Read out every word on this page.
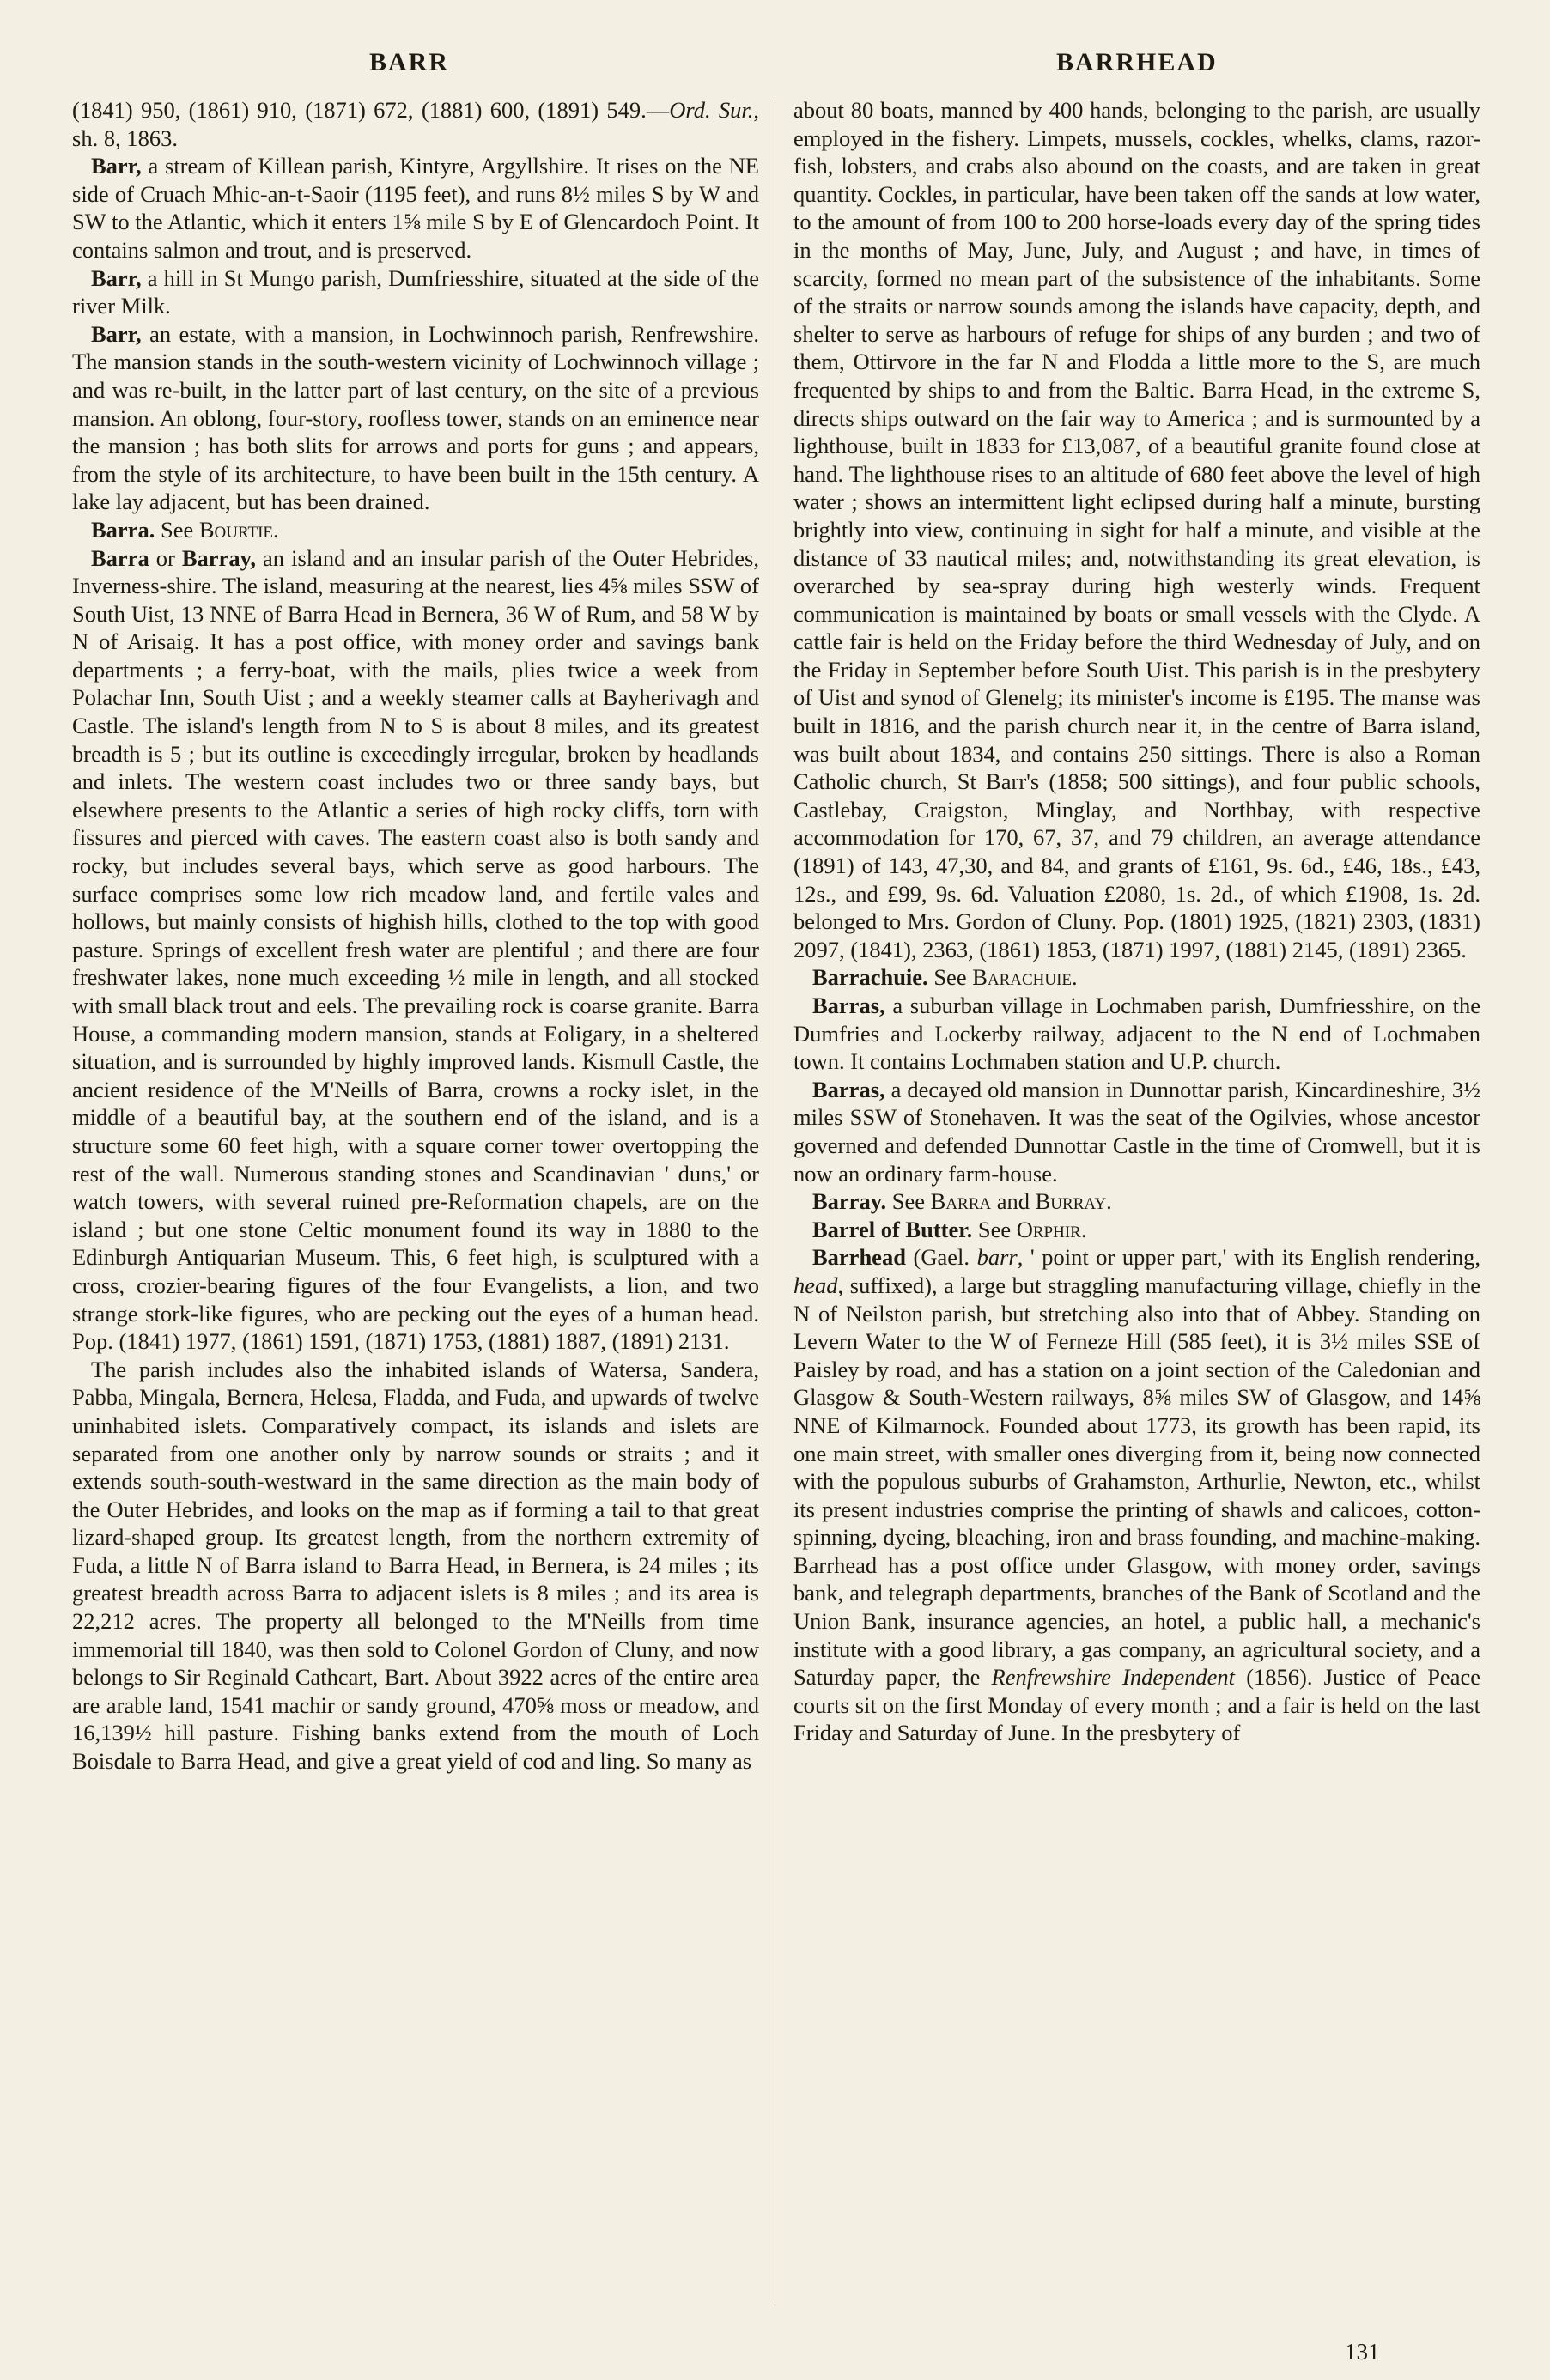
BARR	BARRHEAD

(1841) 950, (1861) 910, (1871) 672, (1881) 600, (1891) 549.—Ord. Sur., sh. 8, 1863.

Barr, a stream of Killean parish, Kintyre, Argyllshire. It rises on the NE side of Cruach Mhic-an-t-Saoir (1195 feet), and runs 8½ miles S by W and SW to the Atlantic, which it enters 1⅝ mile S by E of Glencardoch Point. It contains salmon and trout, and is preserved.

Barr, a hill in St Mungo parish, Dumfriesshire, situated at the side of the river Milk.

Barr, an estate, with a mansion, in Lochwinnoch parish, Renfrewshire. The mansion stands in the south-western vicinity of Lochwinnoch village ; and was re-built, in the latter part of last century, on the site of a previous mansion. An oblong, four-story, roofless tower, stands on an eminence near the mansion ; has both slits for arrows and ports for guns ; and appears, from the style of its architecture, to have been built in the 15th century. A lake lay adjacent, but has been drained.

Barra. See Bourtie.

Barra or Barray, an island and an insular parish of the Outer Hebrides, Inverness-shire. The island, measuring at the nearest, lies 4⅝ miles SSW of South Uist, 13 NNE of Barra Head in Bernera, 36 W of Rum, and 58 W by N of Arisaig. It has a post office, with money order and savings bank departments ; a ferry-boat, with the mails, plies twice a week from Polachar Inn, South Uist ; and a weekly steamer calls at Bayherivagh and Castle. The island's length from N to S is about 8 miles, and its greatest breadth is 5 ; but its outline is exceedingly irregular, broken by headlands and inlets. The western coast includes two or three sandy bays, but elsewhere presents to the Atlantic a series of high rocky cliffs, torn with fissures and pierced with caves. The eastern coast also is both sandy and rocky, but includes several bays, which serve as good harbours. The surface comprises some low rich meadow land, and fertile vales and hollows, but mainly consists of highish hills, clothed to the top with good pasture. Springs of excellent fresh water are plentiful ; and there are four freshwater lakes, none much exceeding ½ mile in length, and all stocked with small black trout and eels. The prevailing rock is coarse granite. Barra House, a commanding modern mansion, stands at Eoligary, in a sheltered situation, and is surrounded by highly improved lands. Kismull Castle, the ancient residence of the M'Neills of Barra, crowns a rocky islet, in the middle of a beautiful bay, at the southern end of the island, and is a structure some 60 feet high, with a square corner tower overtopping the rest of the wall. Numerous standing stones and Scandinavian ' duns,' or watch towers, with several ruined pre-Reformation chapels, are on the island ; but one stone Celtic monument found its way in 1880 to the Edinburgh Antiquarian Museum. This, 6 feet high, is sculptured with a cross, crozier-bearing figures of the four Evangelists, a lion, and two strange stork-like figures, who are pecking out the eyes of a human head. Pop. (1841) 1977, (1861) 1591, (1871) 1753, (1881) 1887, (1891) 2131.

The parish includes also the inhabited islands of Watersa, Sandera, Pabba, Mingala, Bernera, Helesa, Fladda, and Fuda, and upwards of twelve uninhabited islets. Comparatively compact, its islands and islets are separated from one another only by narrow sounds or straits ; and it extends south-south-westward in the same direction as the main body of the Outer Hebrides, and looks on the map as if forming a tail to that great lizard-shaped group. Its greatest length, from the northern extremity of Fuda, a little N of Barra island to Barra Head, in Bernera, is 24 miles ; its greatest breadth across Barra to adjacent islets is 8 miles ; and its area is 22,212 acres. The property all belonged to the M'Neills from time immemorial till 1840, was then sold to Colonel Gordon of Cluny, and now belongs to Sir Reginald Cathcart, Bart. About 3922 acres of the entire area are arable land, 1541 machir or sandy ground, 470⅝ moss or meadow, and 16,139½ hill pasture. Fishing banks extend from the mouth of Loch Boisdale to Barra Head, and give a great yield of cod and ling. So many as

about 80 boats, manned by 400 hands, belonging to the parish, are usually employed in the fishery. Limpets, mussels, cockles, whelks, clams, razor-fish, lobsters, and crabs also abound on the coasts, and are taken in great quantity. Cockles, in particular, have been taken off the sands at low water, to the amount of from 100 to 200 horse-loads every day of the spring tides in the months of May, June, July, and August ; and have, in times of scarcity, formed no mean part of the subsistence of the inhabitants. Some of the straits or narrow sounds among the islands have capacity, depth, and shelter to serve as harbours of refuge for ships of any burden ; and two of them, Ottirvore in the far N and Flodda a little more to the S, are much frequented by ships to and from the Baltic. Barra Head, in the extreme S, directs ships outward on the fair way to America ; and is surmounted by a lighthouse, built in 1833 for £13,087, of a beautiful granite found close at hand. The lighthouse rises to an altitude of 680 feet above the level of high water ; shows an intermittent light eclipsed during half a minute, bursting brightly into view, continuing in sight for half a minute, and visible at the distance of 33 nautical miles; and, notwithstanding its great elevation, is overarched by sea-spray during high westerly winds. Frequent communication is maintained by boats or small vessels with the Clyde. A cattle fair is held on the Friday before the third Wednesday of July, and on the Friday in September before South Uist. This parish is in the presbytery of Uist and synod of Glenelg; its minister's income is £195. The manse was built in 1816, and the parish church near it, in the centre of Barra island, was built about 1834, and contains 250 sittings. There is also a Roman Catholic church, St Barr's (1858; 500 sittings), and four public schools, Castlebay, Craigston, Minglay, and Northbay, with respective accommodation for 170, 67, 37, and 79 children, an average attendance (1891) of 143, 47,30, and 84, and grants of £161, 9s. 6d., £46, 18s., £43, 12s., and £99, 9s. 6d. Valuation £2080, 1s. 2d., of which £1908, 1s. 2d. belonged to Mrs. Gordon of Cluny. Pop. (1801) 1925, (1821) 2303, (1831) 2097, (1841), 2363, (1861) 1853, (1871) 1997, (1881) 2145, (1891) 2365.

Barrachuie. See Barachuie.

Barras, a suburban village in Lochmaben parish, Dumfriesshire, on the Dumfries and Lockerby railway, adjacent to the N end of Lochmaben town. It contains Lochmaben station and U.P. church.

Barras, a decayed old mansion in Dunnottar parish, Kincardineshire, 3½ miles SSW of Stonehaven. It was the seat of the Ogilvies, whose ancestor governed and defended Dunnottar Castle in the time of Cromwell, but it is now an ordinary farm-house.

Barray. See Barra and Burray.

Barrel of Butter. See Orphir.

Barrhead (Gael. barr, ' point or upper part,' with its English rendering, head, suffixed), a large but straggling manufacturing village, chiefly in the N of Neilston parish, but stretching also into that of Abbey. Standing on Levern Water to the W of Ferneze Hill (585 feet), it is 3½ miles SSE of Paisley by road, and has a station on a joint section of the Caledonian and Glasgow & South-Western railways, 8⅝ miles SW of Glasgow, and 14⅝ NNE of Kilmarnock. Founded about 1773, its growth has been rapid, its one main street, with smaller ones diverging from it, being now connected with the populous suburbs of Grahamston, Arthurlie, Newton, etc., whilst its present industries comprise the printing of shawls and calicoes, cotton-spinning, dyeing, bleaching, iron and brass founding, and machine-making. Barrhead has a post office under Glasgow, with money order, savings bank, and telegraph departments, branches of the Bank of Scotland and the Union Bank, insurance agencies, an hotel, a public hall, a mechanic's institute with a good library, a gas company, an agricultural society, and a Saturday paper, the Renfrewshire Independent (1856). Justice of Peace courts sit on the first Monday of every month ; and a fair is held on the last Friday and Saturday of June. In the presbytery of

131
